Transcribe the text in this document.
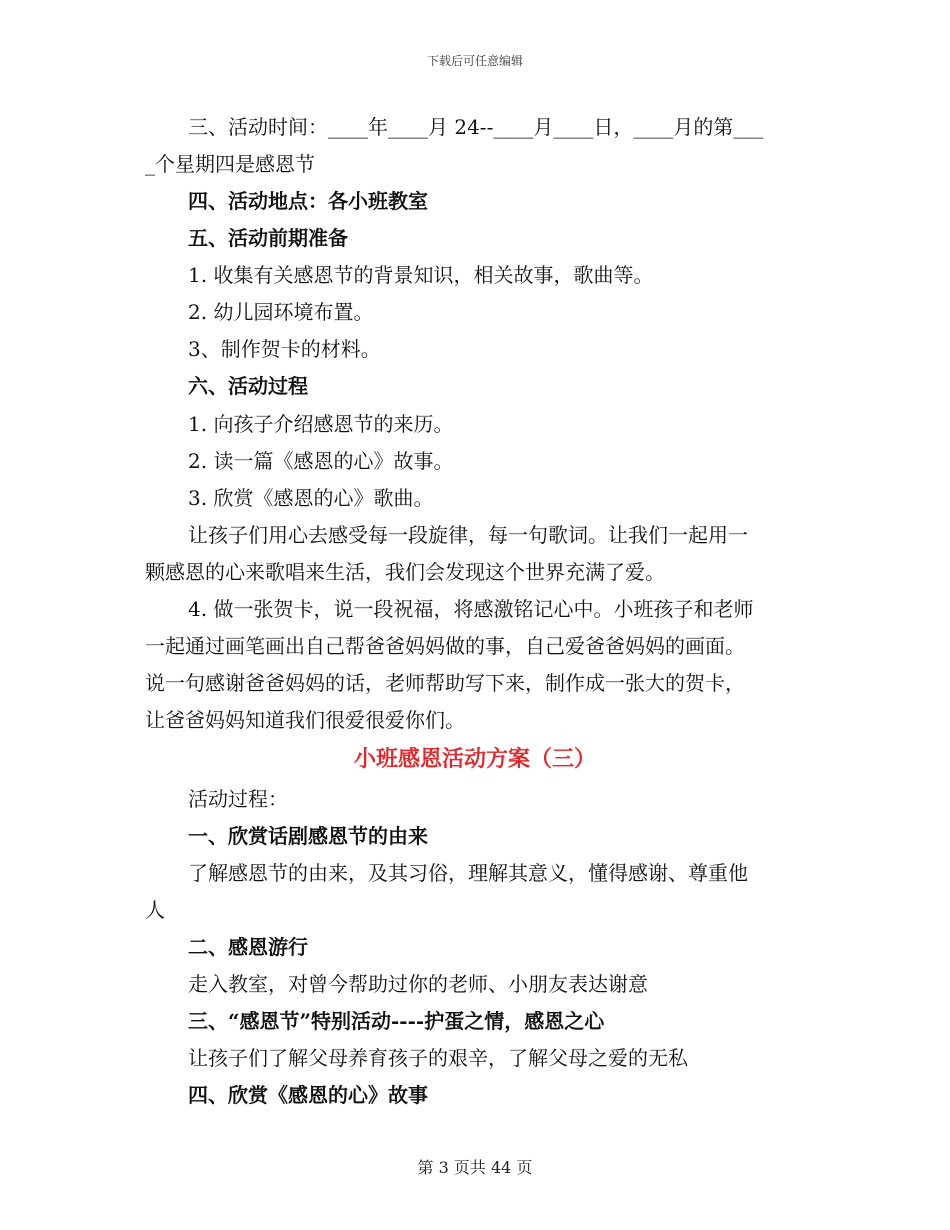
下载后可任意编辑
三、活动时间：____年____月 24--____月____日，____月的第___
_个星期四是感恩节
四、活动地点：各小班教室
五、活动前期准备
1. 收集有关感恩节的背景知识，相关故事，歌曲等。
2. 幼儿园环境布置。
3、制作贺卡的材料。
六、活动过程
1. 向孩子介绍感恩节的来历。
2. 读一篇《感恩的心》故事。
3. 欣赏《感恩的心》歌曲。
让孩子们用心去感受每一段旋律，每一句歌词。让我们一起用一
颗感恩的心来歌唱来生活，我们会发现这个世界充满了爱。
4. 做一张贺卡，说一段祝福，将感激铭记心中。小班孩子和老师
一起通过画笔画出自己帮爸爸妈妈做的事，自己爱爸爸妈妈的画面。
说一句感谢爸爸妈妈的话，老师帮助写下来，制作成一张大的贺卡，
让爸爸妈妈知道我们很爱很爱你们。
小班感恩活动方案（三）
活动过程：
一、欣赏话剧感恩节的由来
了解感恩节的由来，及其习俗，理解其意义，懂得感谢、尊重他
人
二、感恩游行
走入教室，对曾今帮助过你的老师、小朋友表达谢意
三、“感恩节”特别活动----护蛋之情，感恩之心
让孩子们了解父母养育孩子的艰辛，了解父母之爱的无私
四、欣赏《感恩的心》故事
第 3 页共 44 页
